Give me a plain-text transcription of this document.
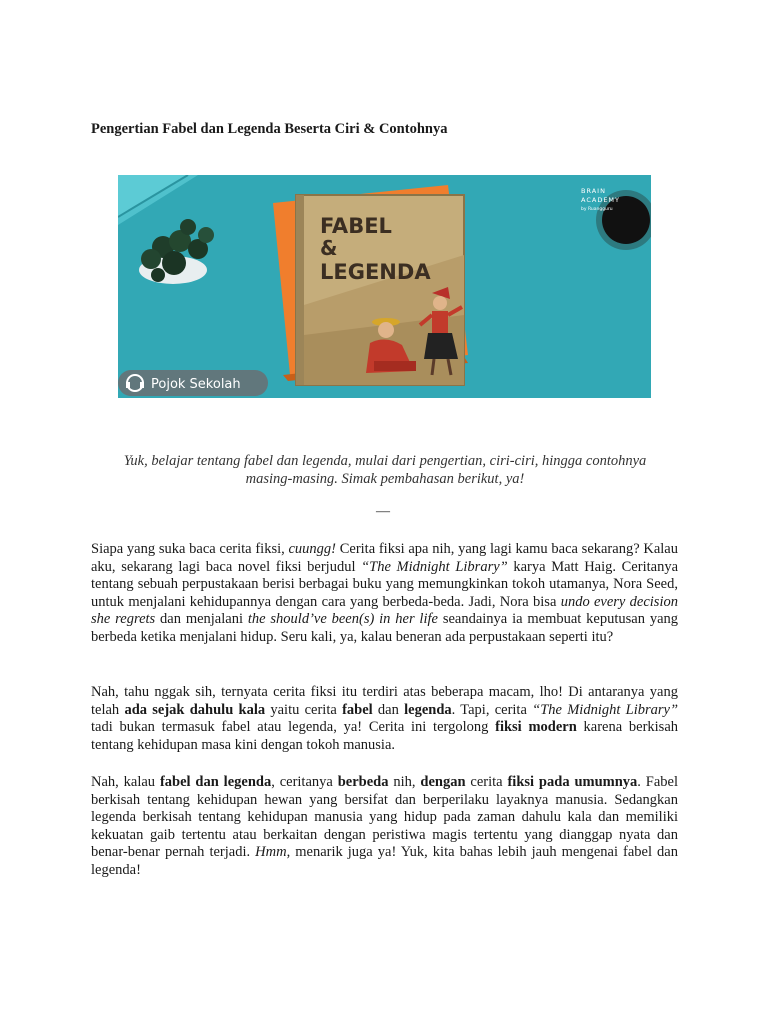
Pengertian Fabel dan Legenda Beserta Ciri & Contohnya
FABEL
&
LEGENDA
BRAIN
ACADEMY
by Ruangguru
Pojok Sekolah
Yuk, belajar tentang fabel dan legenda, mulai dari pengertian, ciri-ciri, hingga contohnya masing-masing. Simak pembahasan berikut, ya!
—

Siapa yang suka baca cerita fiksi, cuungg! Cerita fiksi apa nih, yang lagi kamu baca sekarang? Kalau aku, sekarang lagi baca novel fiksi berjudul “The Midnight Library” karya Matt Haig. Ceritanya tentang sebuah perpustakaan berisi berbagai buku yang memungkinkan tokoh utamanya, Nora Seed, untuk menjalani kehidupannya dengan cara yang berbeda-beda. Jadi, Nora bisa undo every decision she regrets dan menjalani the should’ve been(s) in her life seandainya ia membuat keputusan yang berbeda ketika menjalani hidup. Seru kali, ya, kalau beneran ada perpustakaan seperti itu?

Nah, tahu nggak sih, ternyata cerita fiksi itu terdiri atas beberapa macam, lho! Di antaranya yang telah ada sejak dahulu kala yaitu cerita fabel dan legenda. Tapi, cerita “The Midnight Library” tadi bukan termasuk fabel atau legenda, ya! Cerita ini tergolong fiksi modern karena berkisah tentang kehidupan masa kini dengan tokoh manusia.

Nah, kalau fabel dan legenda, ceritanya berbeda nih, dengan cerita fiksi pada umumnya. Fabel berkisah tentang kehidupan hewan yang bersifat dan berperilaku layaknya manusia. Sedangkan legenda berkisah tentang kehidupan manusia yang hidup pada zaman dahulu kala dan memiliki kekuatan gaib tertentu atau berkaitan dengan peristiwa magis tertentu yang dianggap nyata dan benar-benar pernah terjadi. Hmm, menarik juga ya! Yuk, kita bahas lebih jauh mengenai fabel dan legenda!
